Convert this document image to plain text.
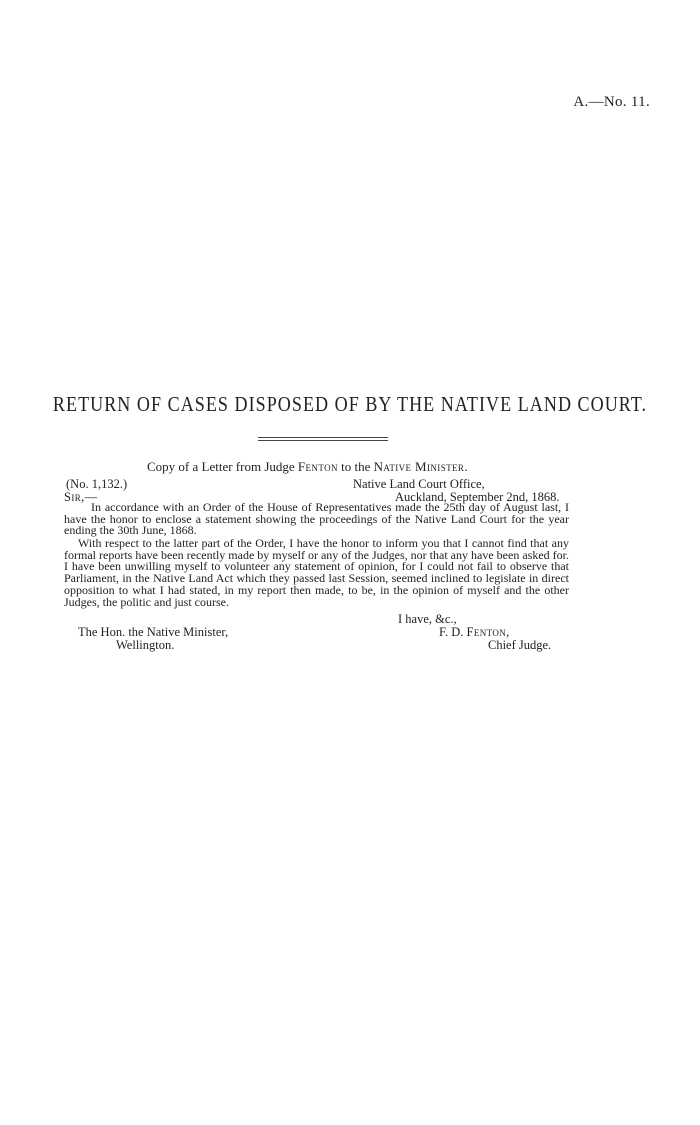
A.—No. 11.
RETURN OF CASES DISPOSED OF BY THE NATIVE LAND COURT.
Copy of a Letter from Judge Fenton to the Native Minister.
(No. 1,132.)	Native Land Court Office,
Sir,—	Auckland, September 2nd, 1868.

In accordance with an Order of the House of Representatives made the 25th day of August last, I have the honor to enclose a statement showing the proceedings of the Native Land Court for the year ending the 30th June, 1868.

With respect to the latter part of the Order, I have the honor to inform you that I cannot find that any formal reports have been recently made by myself or any of the Judges, nor that any have been asked for. I have been unwilling myself to volunteer any statement of opinion, for I could not fail to observe that Parliament, in the Native Land Act which they passed last Session, seemed inclined to legislate in direct opposition to what I had stated, in my report then made, to be, in the opinion of myself and the other Judges, the politic and just course.

I have, &c.,
F. D. Fenton,
Chief Judge.
The Hon. the Native Minister,
Wellington.
